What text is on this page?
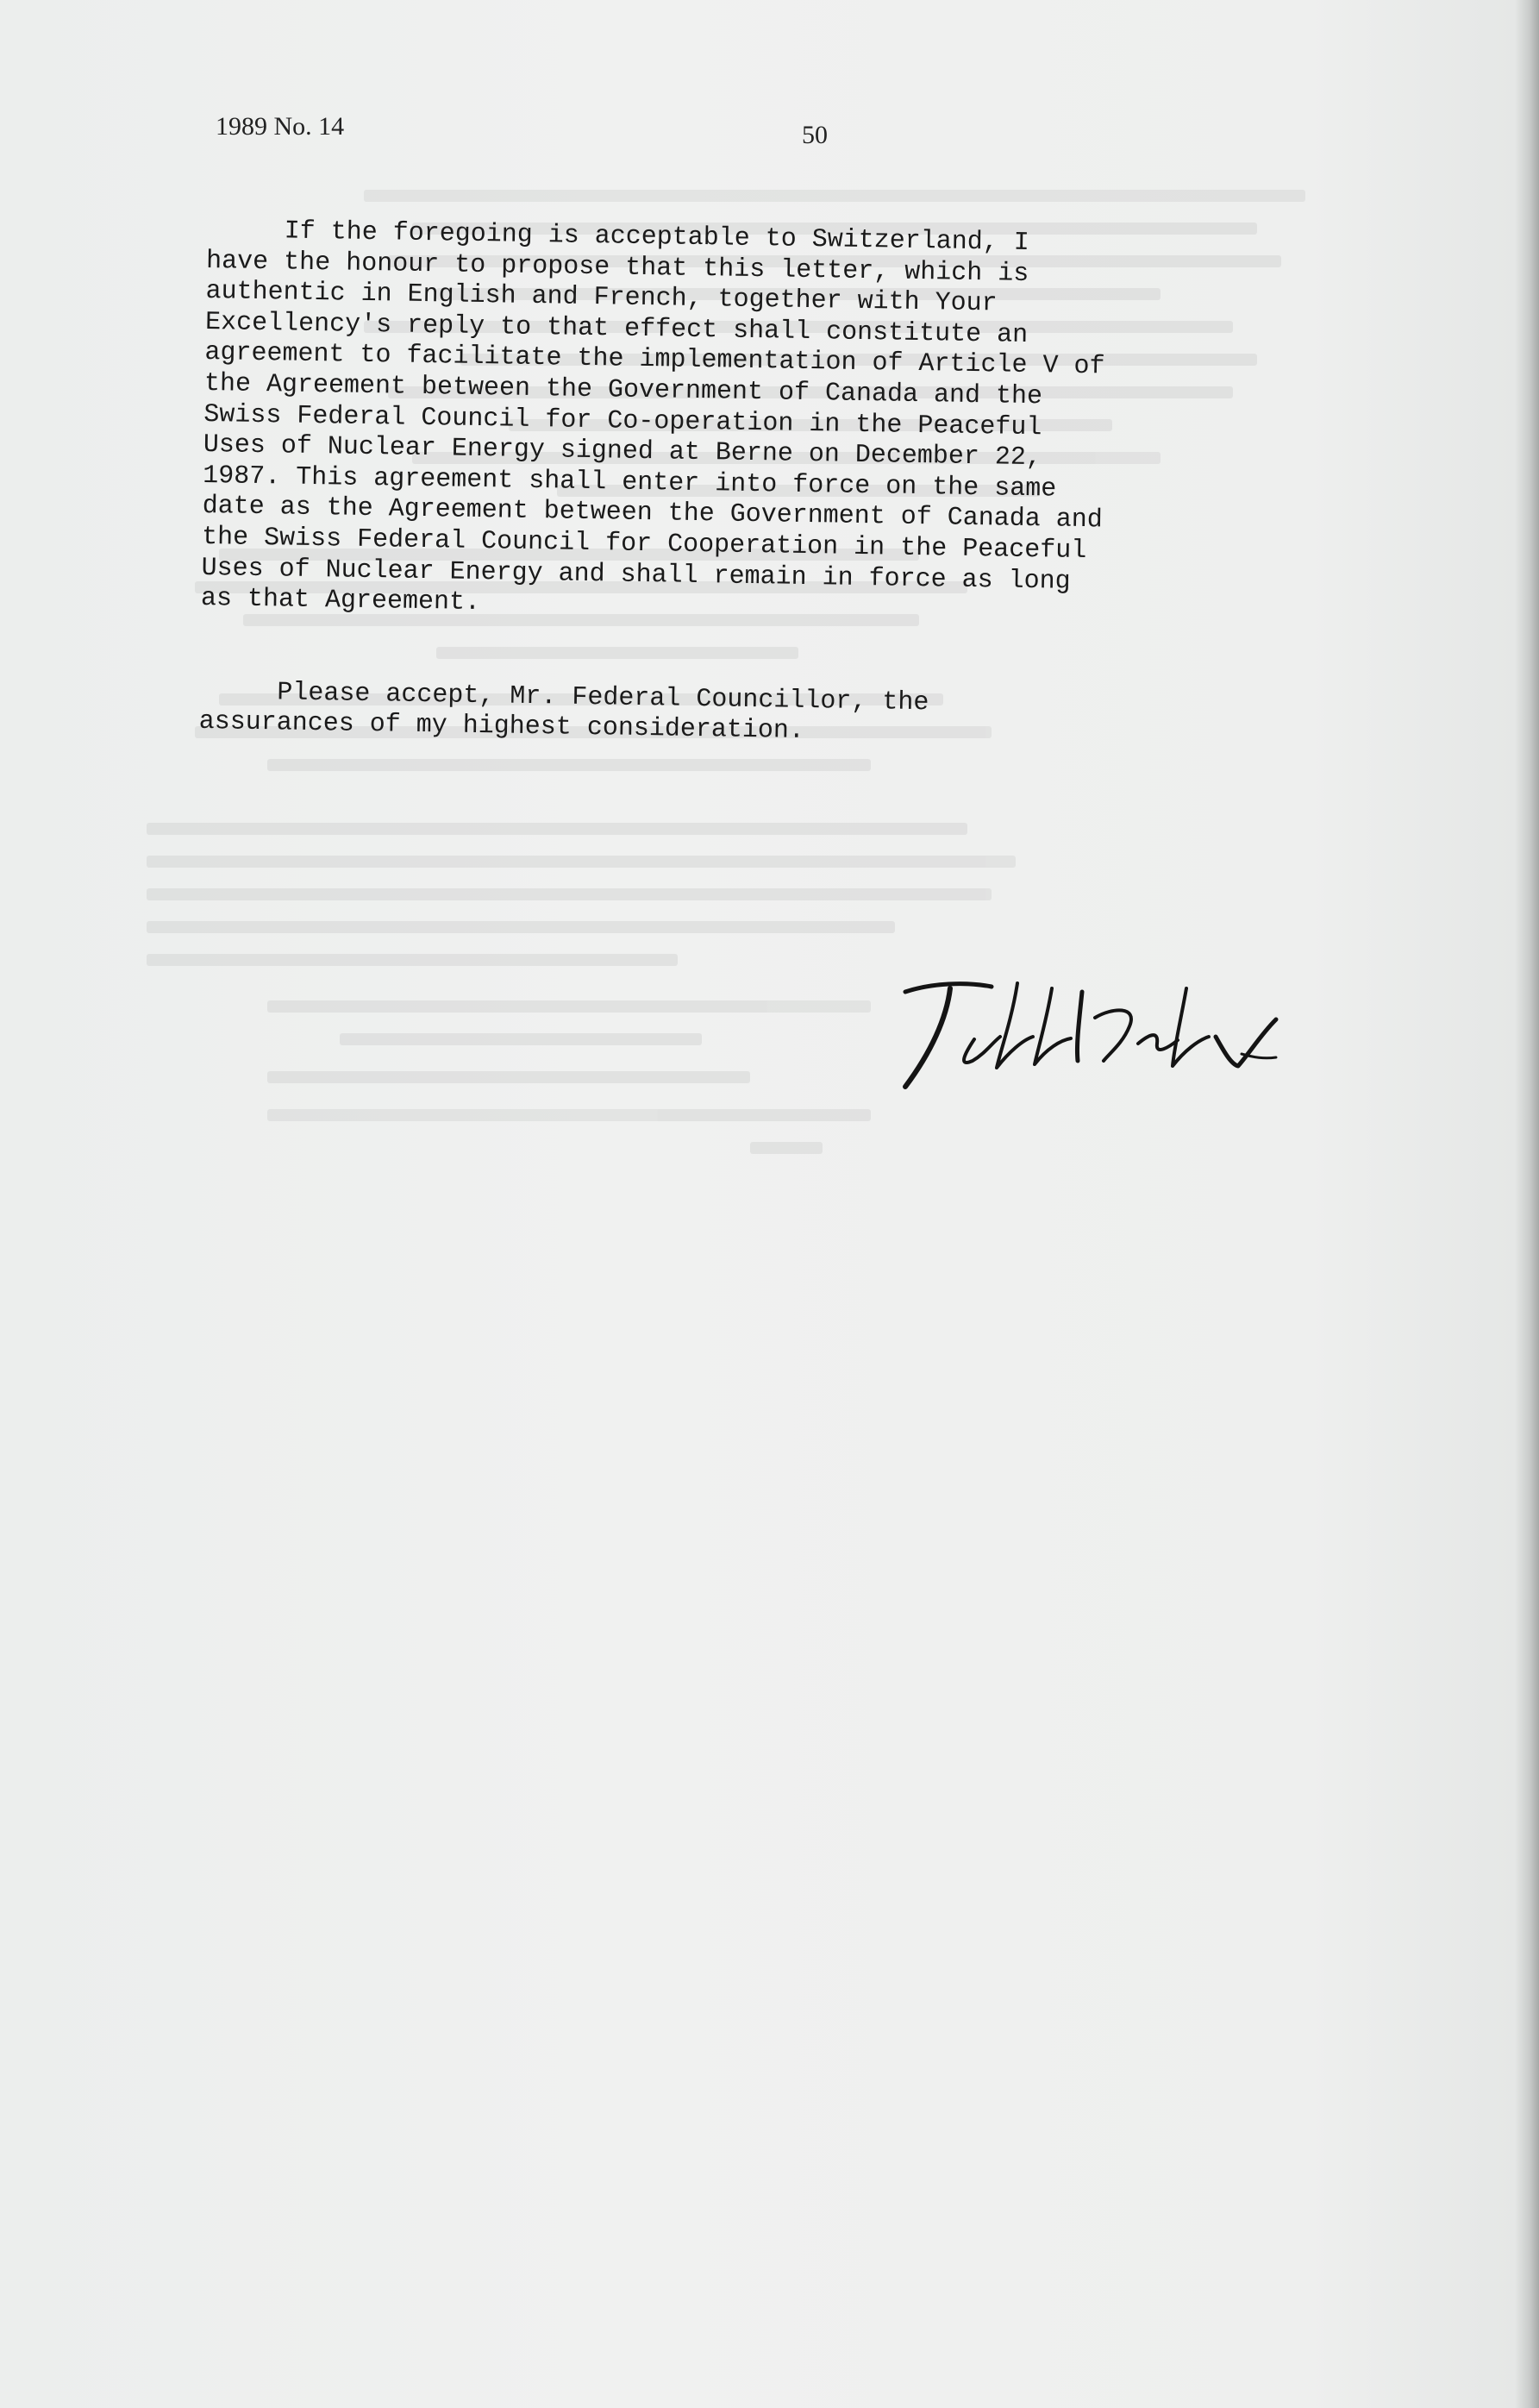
1989 No. 14	50

If the foregoing is acceptable to Switzerland, I
have the honour to propose that this letter, which is
authentic in English and French, together with Your
Excellency's reply to that effect shall constitute an
agreement to facilitate the implementation of Article V of
the Agreement between the Government of Canada and the
Swiss Federal Council for Co-operation in the Peaceful
Uses of Nuclear Energy signed at Berne on December 22,
1987. This agreement shall enter into force on the same
date as the Agreement between the Government of Canada and
the Swiss Federal Council for Cooperation in the Peaceful
Uses of Nuclear Energy and shall remain in force as long
as that Agreement.

Please accept, Mr. Federal Councillor, the
assurances of my highest consideration.
